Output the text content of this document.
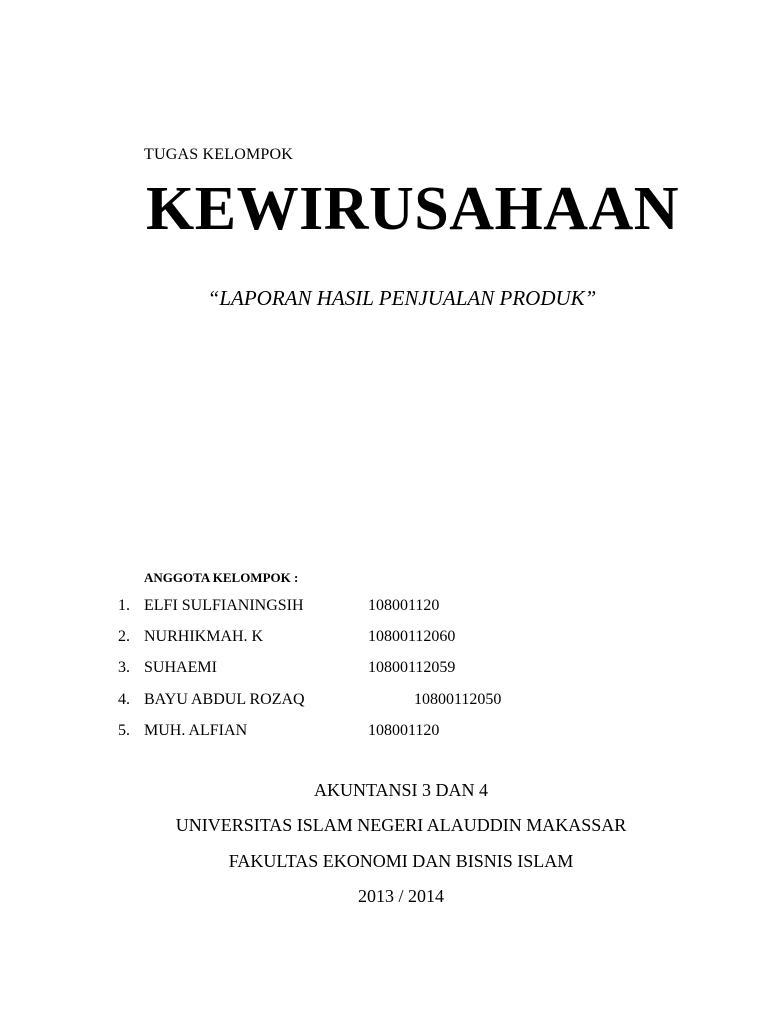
TUGAS KELOMPOK
KEWIRUSAHAAN
“LAPORAN HASIL PENJUALAN PRODUK”
ANGGOTA KELOMPOK :
1. ELFI SULFIANINGSIH	108001120
2. NURHIKMAH. K	10800112060
3. SUHAEMI	10800112059
4. BAYU ABDUL ROZAQ	10800112050
5. MUH. ALFIAN	108001120
AKUNTANSI 3 DAN 4
UNIVERSITAS ISLAM NEGERI ALAUDDIN MAKASSAR
FAKULTAS EKONOMI DAN BISNIS ISLAM
2013 / 2014
